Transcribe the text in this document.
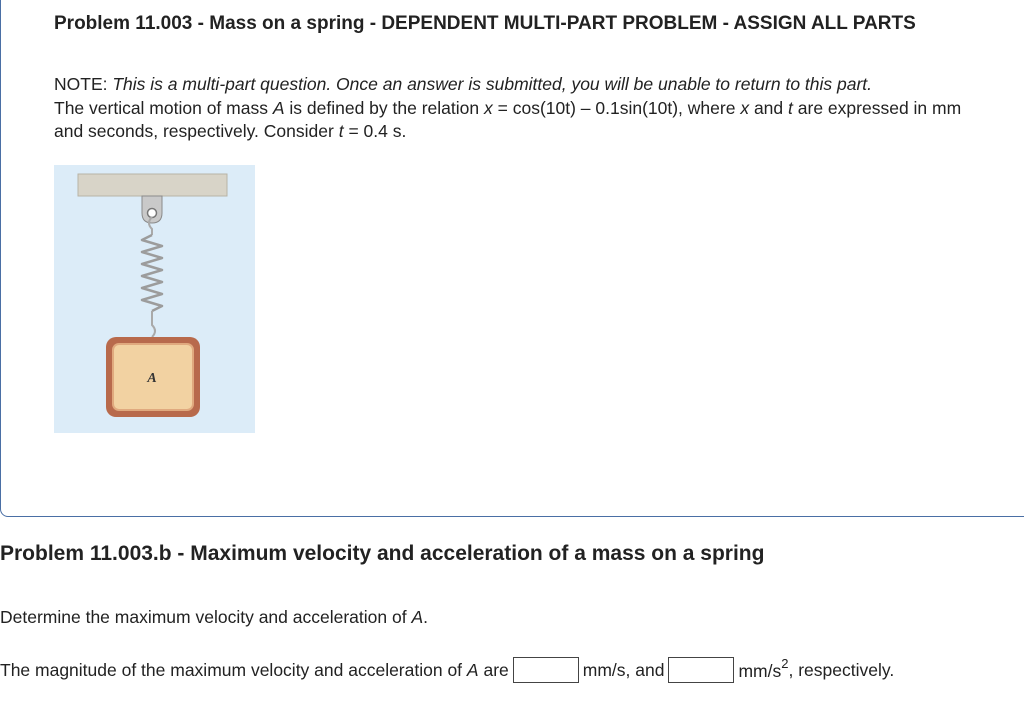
Problem 11.003 - Mass on a spring - DEPENDENT MULTI-PART PROBLEM - ASSIGN ALL PARTS
NOTE: This is a multi-part question. Once an answer is submitted, you will be unable to return to this part.
The vertical motion of mass A is defined by the relation x = cos(10t) – 0.1sin(10t), where x and t are expressed in mm and seconds, respectively. Consider t = 0.4 s.
A
Problem 11.003.b - Maximum velocity and acceleration of a mass on a spring
Determine the maximum velocity and acceleration of A.
The magnitude of the maximum velocity and acceleration of
A
are	mm/s, and	$mm/s^2$ , respectively.
